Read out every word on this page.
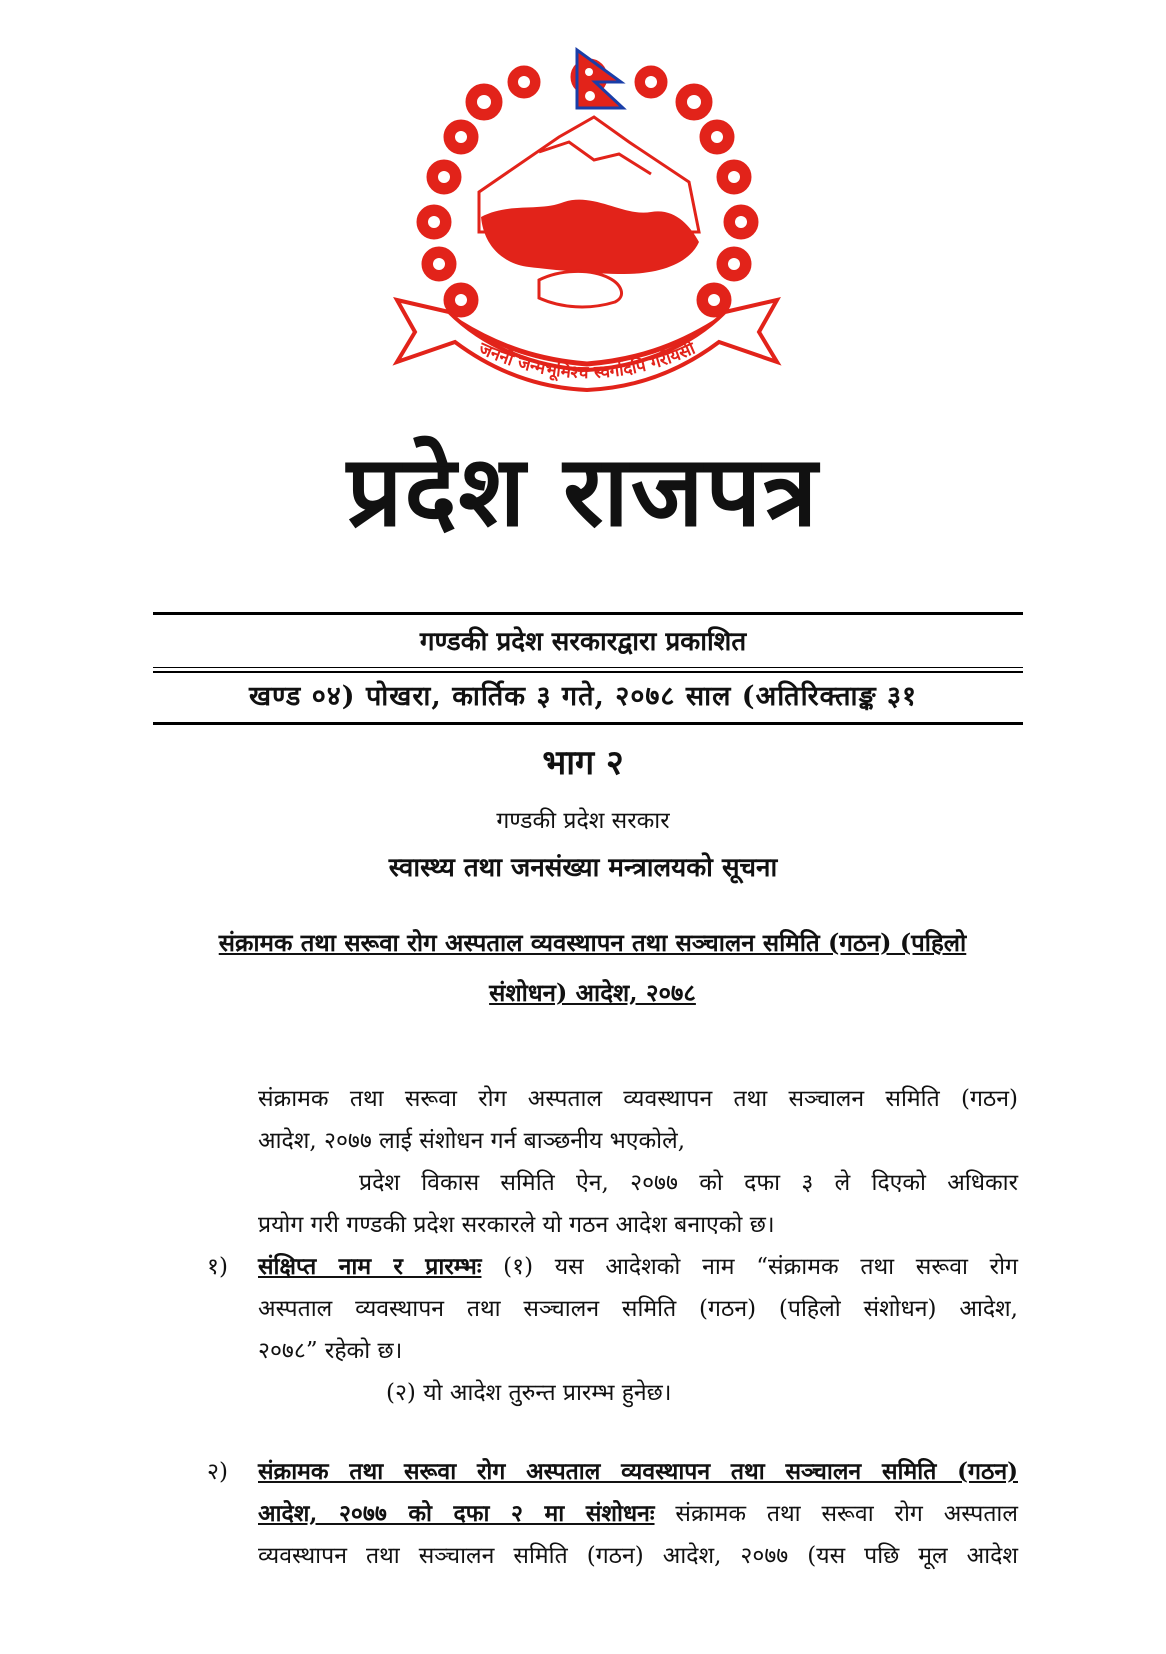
जननी जन्मभूमिश्च स्वर्गादपि गरीयसी
प्रदेश राजपत्र
गण्डकी प्रदेश सरकारद्वारा प्रकाशित
खण्ड ०४) पोखरा, कार्तिक ३ गते, २०७८ साल (अतिरिक्ताङ्क ३१
भाग २
गण्डकी प्रदेश सरकार
स्वास्थ्य तथा जनसंख्या मन्त्रालयको सूचना
संक्रामक तथा सरूवा रोग अस्पताल व्यवस्थापन तथा सञ्चालन समिति (गठन) (पहिलो
संशोधन) आदेश, २०७८
संक्रामक तथा सरूवा रोग अस्पताल व्यवस्थापन तथा सञ्चालन समिति (गठन)
आदेश, २०७७ लाई संशोधन गर्न बाञ्छनीय भएकोले,
प्रदेश विकास समिति ऐन, २०७७ को दफा ३ ले दिएको अधिकार
प्रयोग गरी गण्डकी प्रदेश सरकारले यो गठन आदेश बनाएको छ।
१) संक्षिप्त नाम र प्रारम्भः (१) यस आदेशको नाम “संक्रामक तथा सरूवा रोग
अस्पताल व्यवस्थापन तथा सञ्चालन समिति (गठन) (पहिलो संशोधन) आदेश,
२०७८” रहेको छ।
(२) यो आदेश तुरुन्त प्रारम्भ हुनेछ।
२) संक्रामक तथा सरूवा रोग अस्पताल व्यवस्थापन तथा सञ्चालन समिति (गठन)
आदेश, २०७७ को दफा २ मा संशोधनः संक्रामक तथा सरूवा रोग अस्पताल
व्यवस्थापन तथा सञ्चालन समिति (गठन) आदेश, २०७७ (यस पछि मूल आदेश
